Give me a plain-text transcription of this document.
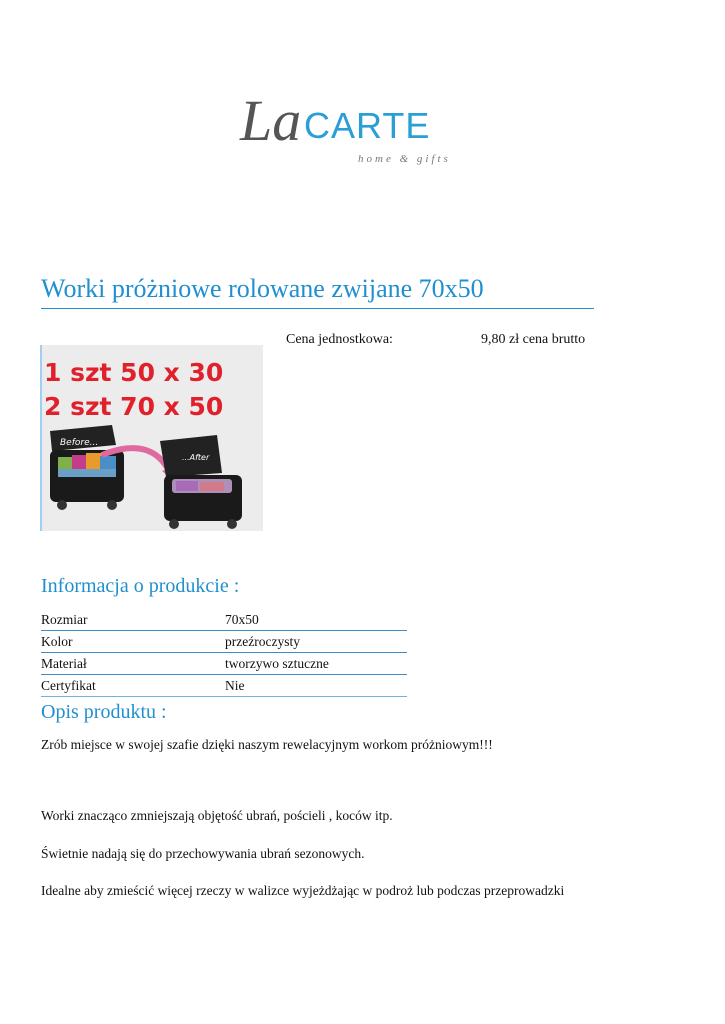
La CARTE
home & gifts
Worki próżniowe rolowane zwijane 70x50
Cena jednostkowa:	9,80 zł cena brutto
1 szt 50 x 30
2 szt 70 x 50
Before...
...After
Informacja o produkcie :
Rozmiar	70x50
Kolor	przeźroczysty
Materiał	tworzywo sztuczne
Certyfikat	Nie
Opis produktu :
Zrób miejsce w swojej szafie dzięki naszym rewelacyjnym workom próżniowym!!!
Worki znacząco zmniejszają objętość ubrań, pościeli , koców itp.
Świetnie nadają się do przechowywania ubrań sezonowych.
Idealne aby zmieścić więcej rzeczy w walizce wyjeżdżając w podroż lub podczas przeprowadzki
